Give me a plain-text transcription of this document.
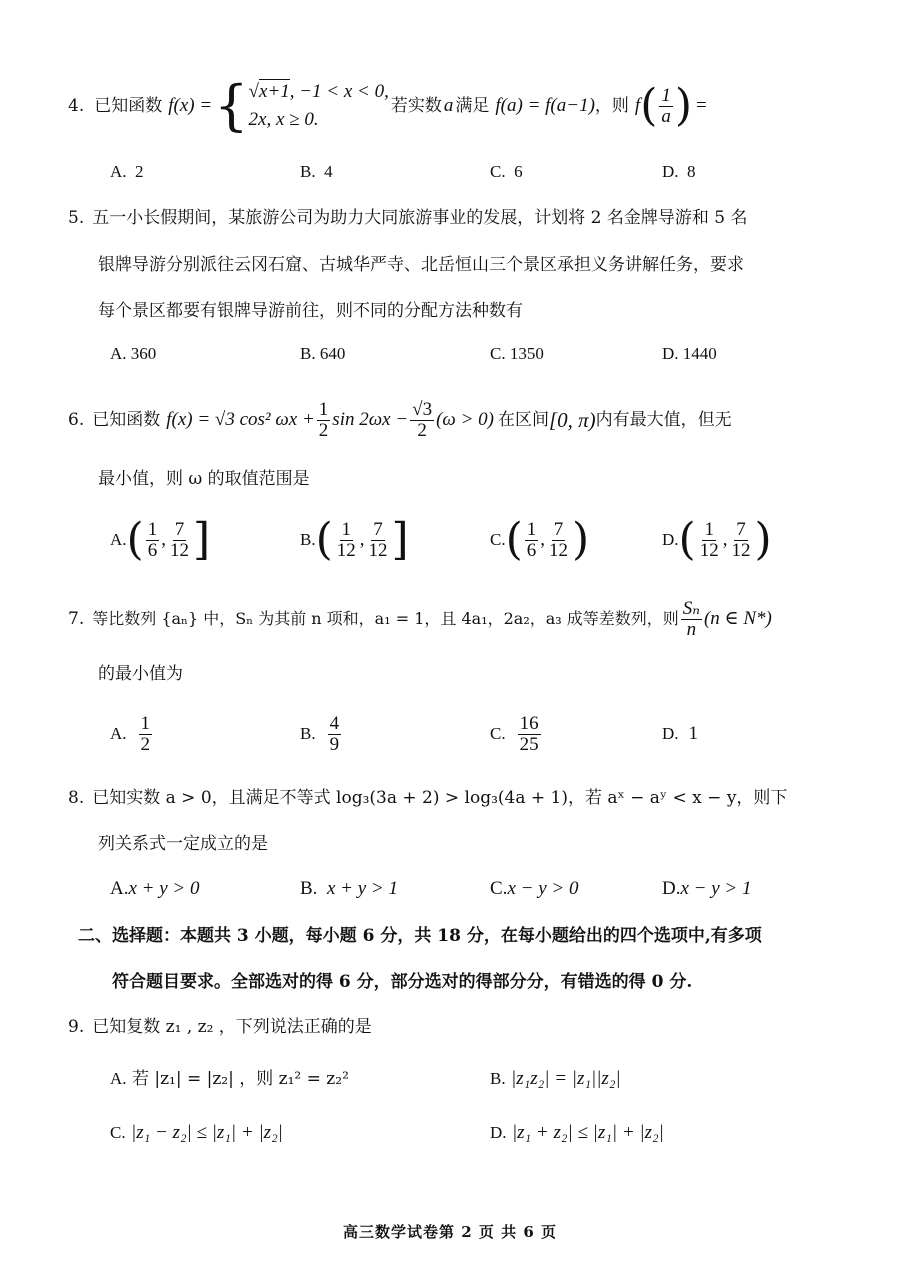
4. 已知函数 f(x) = { √x+1, −1 < x < 0,
2x, x ≥ 0.
若实数 a 满足 f(a) = f(a−1) ，则 f ( $\frac{1}{a}$ ) =
A. 2	B. 4	C. 6	D. 8
5. 五一小长假期间，某旅游公司为助力大同旅游事业的发展，计划将 2 名金牌导游和 5 名
银牌导游分别派往云冈石窟、古城华严寺、北岳恒山三个景区承担义务讲解任务，要求
每个景区都要有银牌导游前往，则不同的分配方法种数有
A. 360	B. 640	C. 1350	D. 1440
6. 已知函数 f(x) = √3 cos² $\omega x + \frac{1}{2}$ $\sin 2\omega x - \frac{√3}{2} (\omega > 0)$ 在区间 [0, π) 内有最大值，但无
最小值，则 ω 的取值范围是
A. ( $\frac{1}{6}$ , $\frac{7}{12}$ ]	B. ( $\frac{1}{12}$ , $\frac{7}{12}$ ]	C. ( $\frac{1}{6}$ , $\frac{7}{12}$ )	D. ( $\frac{1}{12}$ , $\frac{7}{12}$ )
7. 等比数列 {aₙ} 中，Sₙ 为其前 n 项和，a₁ = 1，且 4a₁，2a₂，a₃ 成等差数列，则 $\frac{\text{Sₙ}}{n} (n$ ∈ N*)
的最小值为
A. $\frac{1}{2}$	B. $\frac{4}{9}$	C. $\frac{16}{25}$	D. 1
8. 已知实数 a > 0，且满足不等式 log₃(3a + 2) > log₃(4a + 1)，若 aˣ − aʸ < x − y，则下
列关系式一定成立的是
A.x + y > 0	B. x + y > 1	C.x − y > 0	D.x − y > 1
二、选择题：本题共 3 小题，每小题 6 分，共 18 分，在每小题给出的四个选项中,有多项
符合题目要求。全部选对的得 6 分，部分选对的得部分分，有错选的得 0 分.
9. 已知复数 z₁ , z₂ ，下列说法正确的是
A. 若 |z₁| = |z₂| ，则 z₁² = z₂²	B. |z₁z₂| = |z₁||z₂|
C. |z₁ − z₂| ≤ |z₁| + |z₂|	D. |z₁ + z₂| ≤ |z₁| + |z₂|
高三数学试卷第 2 页 共 6 页
